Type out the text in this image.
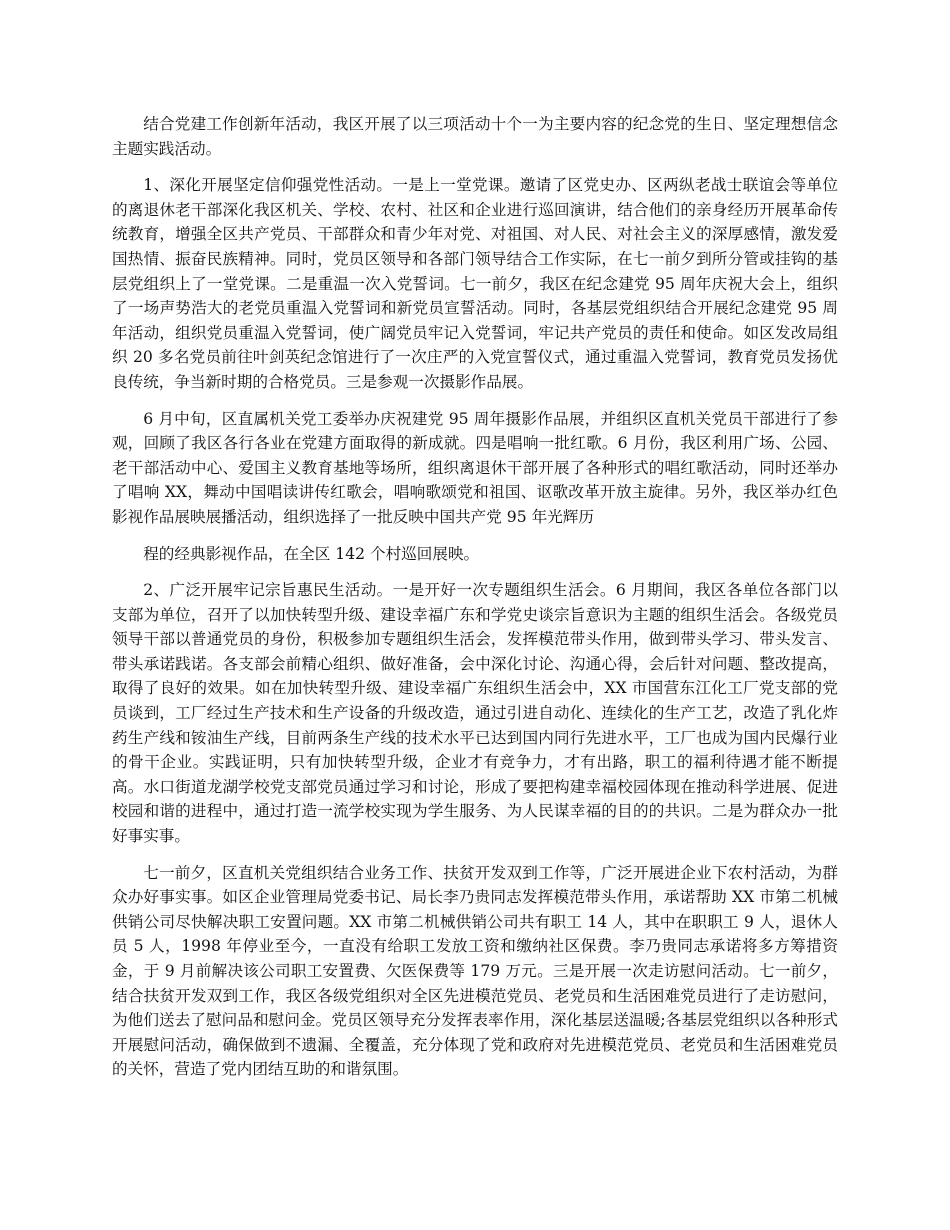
结合党建工作创新年活动，我区开展了以三项活动十个一为主要内容的纪念党的生日、坚定理想信念主题实践活动。

1、深化开展坚定信仰强党性活动。一是上一堂党课。邀请了区党史办、区两纵老战士联谊会等单位的离退休老干部深化我区机关、学校、农村、社区和企业进行巡回演讲，结合他们的亲身经历开展革命传统教育，增强全区共产党员、干部群众和青少年对党、对祖国、对人民、对社会主义的深厚感情，激发爱国热情、振奋民族精神。同时，党员区领导和各部门领导结合工作实际，在七一前夕到所分管或挂钩的基层党组织上了一堂党课。二是重温一次入党誓词。七一前夕，我区在纪念建党 95 周年庆祝大会上，组织了一场声势浩大的老党员重温入党誓词和新党员宣誓活动。同时，各基层党组织结合开展纪念建党 95 周年活动，组织党员重温入党誓词，使广阔党员牢记入党誓词，牢记共产党员的责任和使命。如区发改局组织 20 多名党员前往叶剑英纪念馆进行了一次庄严的入党宣誓仪式，通过重温入党誓词，教育党员发扬优良传统，争当新时期的合格党员。三是参观一次摄影作品展。

6 月中旬，区直属机关党工委举办庆祝建党 95 周年摄影作品展，并组织区直机关党员干部进行了参观，回顾了我区各行各业在党建方面取得的新成就。四是唱响一批红歌。6 月份，我区利用广场、公园、老干部活动中心、爱国主义教育基地等场所，组织离退休干部开展了各种形式的唱红歌活动，同时还举办了唱响 XX，舞动中国唱读讲传红歌会，唱响歌颂党和祖国、讴歌改革开放主旋律。另外，我区举办红色影视作品展映展播活动，组织选择了一批反映中国共产党 95 年光辉历

程的经典影视作品，在全区 142 个村巡回展映。

2、广泛开展牢记宗旨惠民生活动。一是开好一次专题组织生活会。6 月期间，我区各单位各部门以支部为单位，召开了以加快转型升级、建设幸福广东和学党史谈宗旨意识为主题的组织生活会。各级党员领导干部以普通党员的身份，积极参加专题组织生活会，发挥模范带头作用，做到带头学习、带头发言、带头承诺践诺。各支部会前精心组织、做好准备，会中深化讨论、沟通心得，会后针对问题、整改提高，取得了良好的效果。如在加快转型升级、建设幸福广东组织生活会中，XX 市国营东江化工厂党支部的党员谈到，工厂经过生产技术和生产设备的升级改造，通过引进自动化、连续化的生产工艺，改造了乳化炸药生产线和铵油生产线，目前两条生产线的技术水平已达到国内同行先进水平，工厂也成为国内民爆行业的骨干企业。实践证明，只有加快转型升级，企业才有竞争力，才有出路，职工的福利待遇才能不断提高。水口街道龙湖学校党支部党员通过学习和讨论，形成了要把构建幸福校园体现在推动科学进展、促进校园和谐的进程中，通过打造一流学校实现为学生服务、为人民谋幸福的目的的共识。二是为群众办一批好事实事。

七一前夕，区直机关党组织结合业务工作、扶贫开发双到工作等，广泛开展进企业下农村活动，为群众办好事实事。如区企业管理局党委书记、局长李乃贵同志发挥模范带头作用，承诺帮助 XX 市第二机械供销公司尽快解决职工安置问题。XX 市第二机械供销公司共有职工 14 人，其中在职职工 9 人，退休人员 5 人，1998 年停业至今，一直没有给职工发放工资和缴纳社区保费。李乃贵同志承诺将多方筹措资金，于 9 月前解决该公司职工安置费、欠医保费等 179 万元。三是开展一次走访慰问活动。七一前夕，结合扶贫开发双到工作，我区各级党组织对全区先进模范党员、老党员和生活困难党员进行了走访慰问，为他们送去了慰问品和慰问金。党员区领导充分发挥表率作用，深化基层送温暖;各基层党组织以各种形式开展慰问活动，确保做到不遗漏、全覆盖，充分体现了党和政府对先进模范党员、老党员和生活困难党员的关怀，营造了党内团结互助的和谐氛围。
